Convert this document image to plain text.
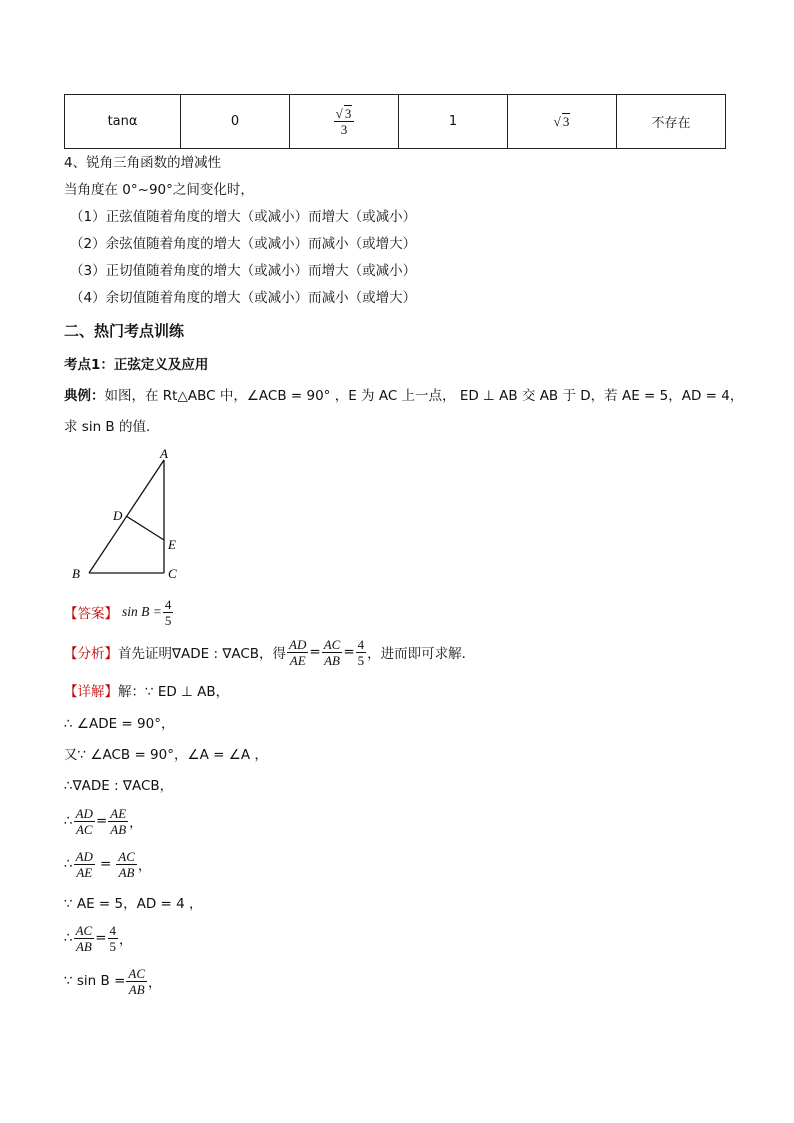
tanα	0	$\frac{√ 3}{3}$	1	√ 3	不存在
4、锐角三角函数的增减性
当角度在 0°~90°之间变化时，
（1）正弦值随着角度的增大（或减小）而增大（或减小）
（2）余弦值随着角度的增大（或减小）而减小（或增大）
（3）正切值随着角度的增大（或减小）而增大（或减小）
（4）余切值随着角度的增大（或减小）而减小（或增大）
二、热门考点训练
考点1：正弦定义及应用
典例：如图，在 Rt△ABC 中，∠ACB = 90° ，E 为 AC 上一点， ED ⊥ AB 交 AB 于 D，若 AE = 5，AD = 4，
求 sin B 的值．
A
B	C
D
E
【答案】 $\sin B = \frac{4}{5}$
【分析】 首先证明∇ADE : ∇ACB，得 $\frac{AD}{AE} = \frac{AC}{AB} = \frac{4}{5}$ ，进而即可求解．
【详解】 解：∵ ED ⊥ AB，
∴ ∠ADE = 90°，
又∵ ∠ACB = 90°，∠A = ∠A ，
∴∇ADE : ∇ACB，
∴ $\frac{AD}{AC} = \frac{AE}{AB}$ ，
∴ $\frac{AD}{AE} = \frac{AC}{AB}$ ，
∵ AE = 5，AD = 4 ，
∴ $\frac{AC}{AB} = \frac{4}{5}$ ，
∵ $\sin B = \frac{AC}{AB}$ ，
